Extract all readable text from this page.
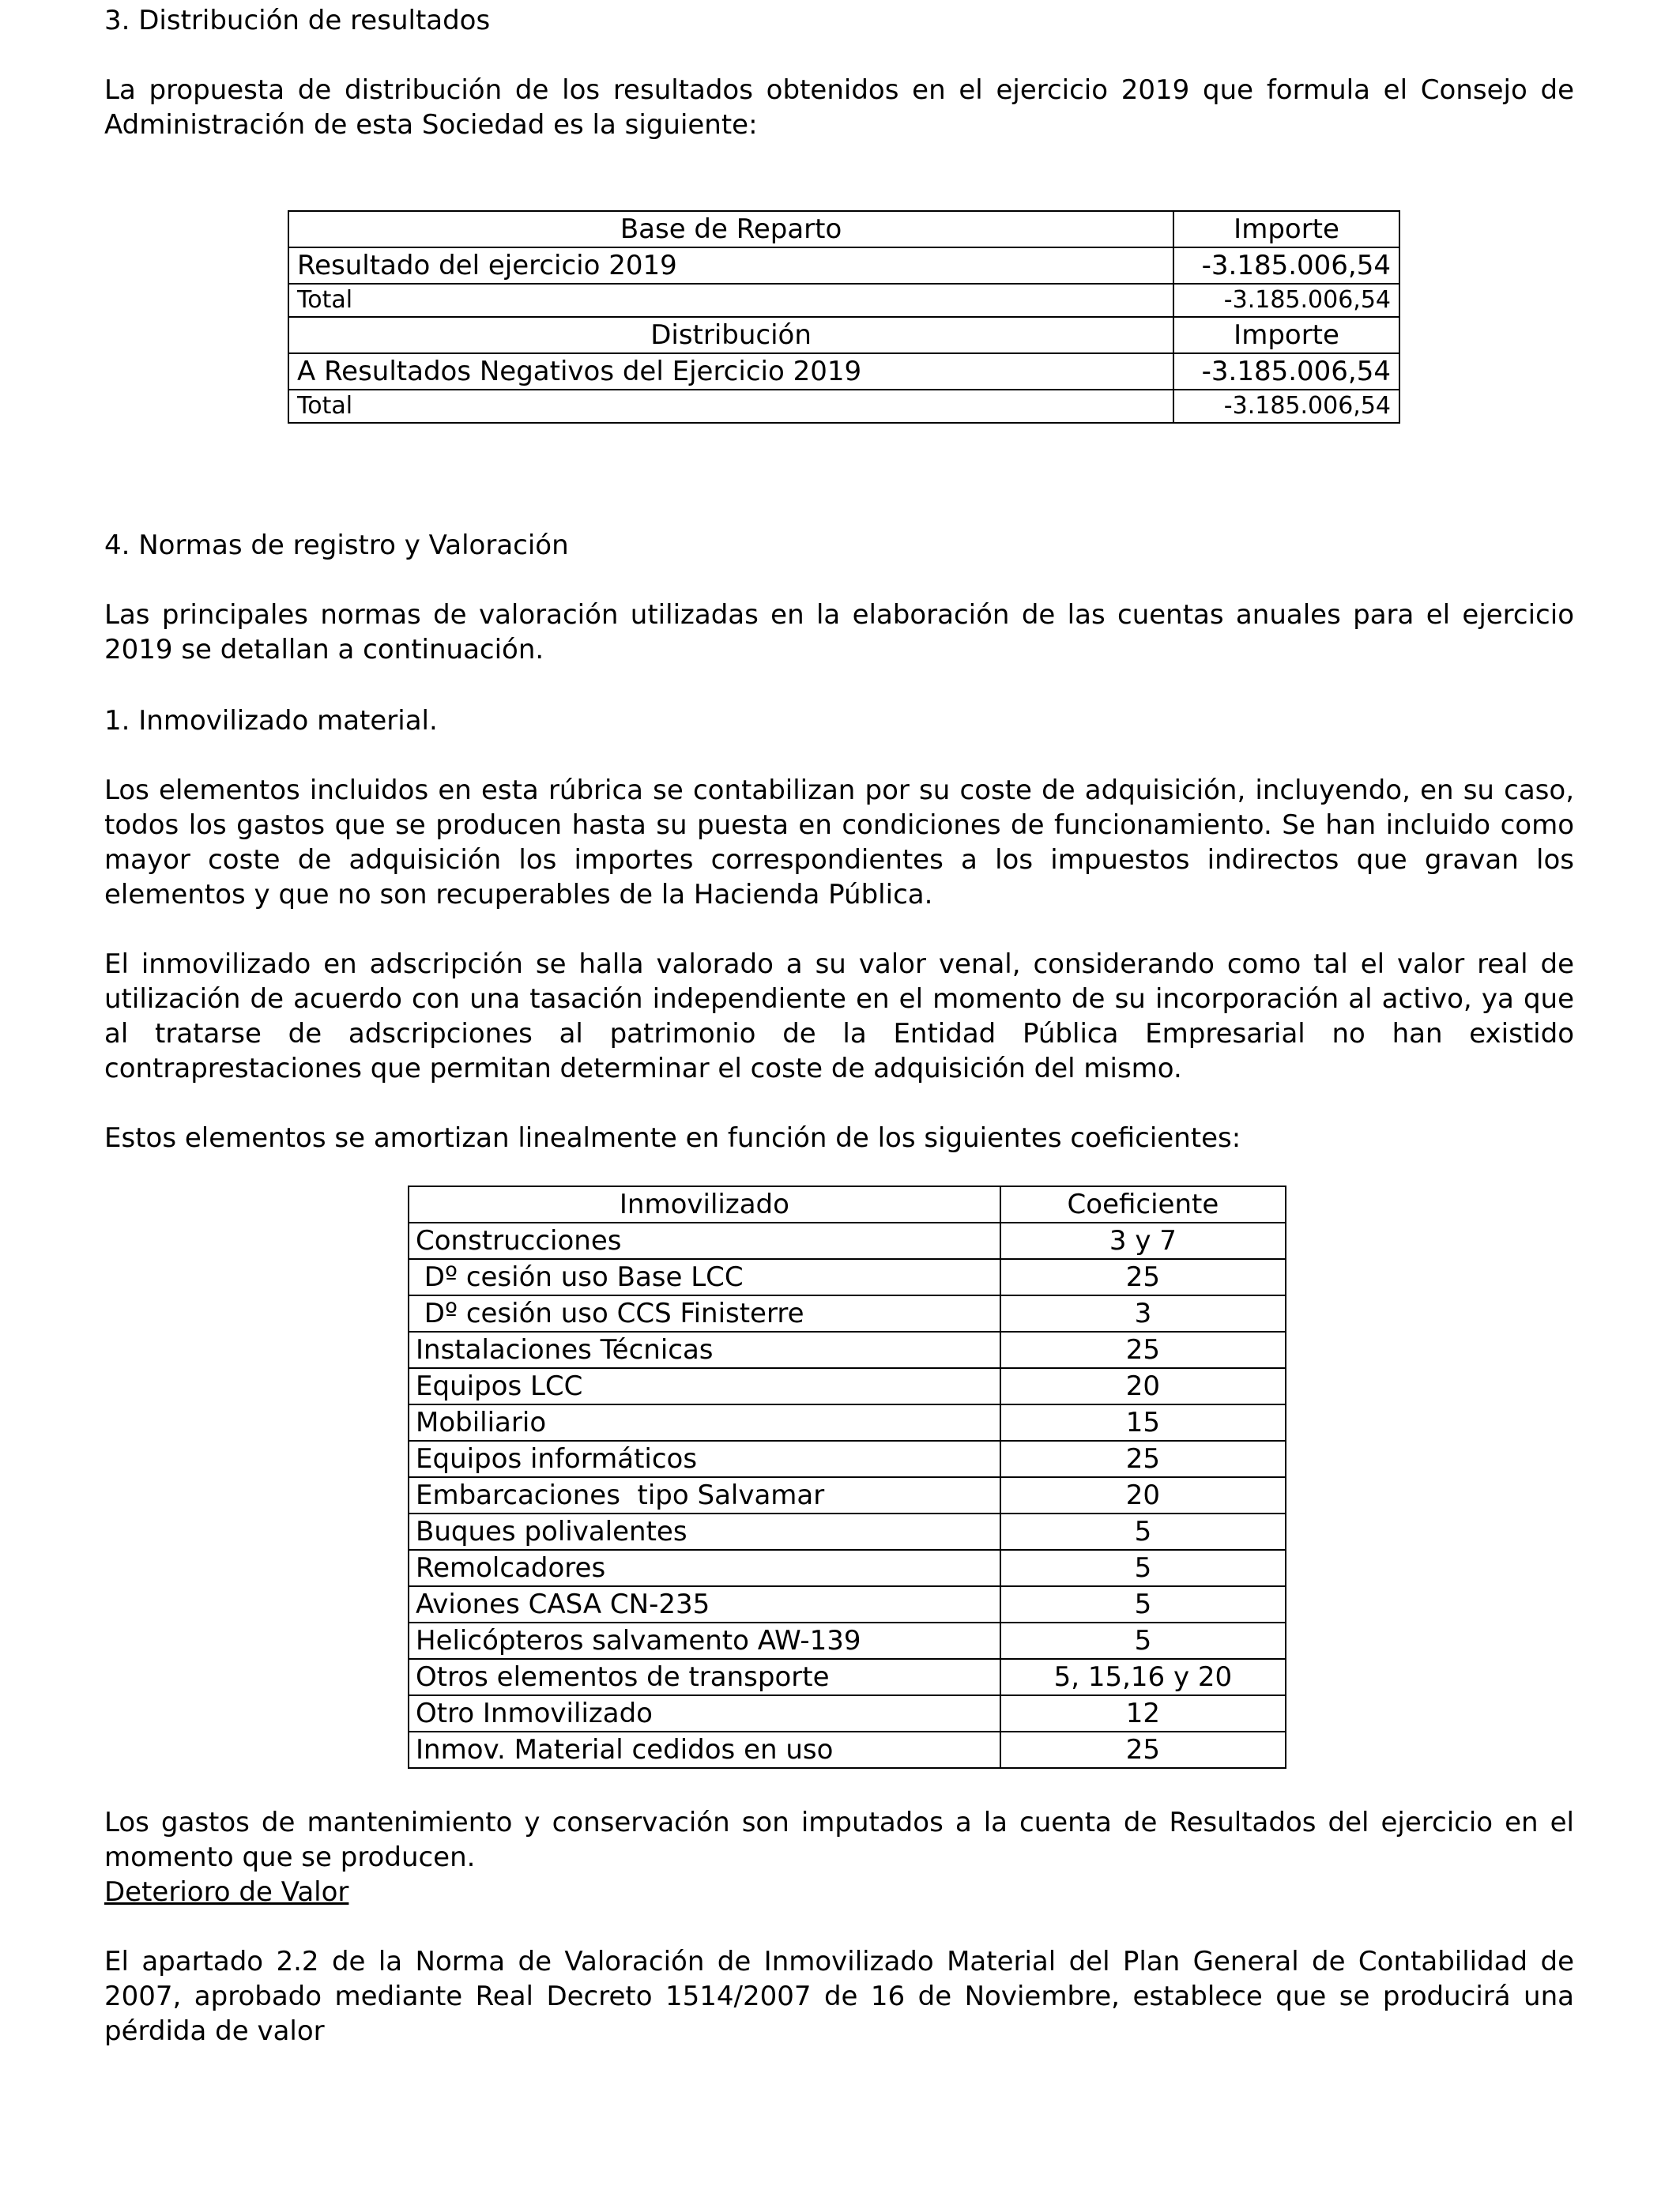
3. Distribución de resultados

La propuesta de distribución de los resultados obtenidos en el ejercicio 2019 que formula el Consejo de Administración de esta Sociedad es la siguiente:

Base de Reparto	Importe
Resultado del ejercicio 2019	-3.185.006,54
Total	-3.185.006,54
Distribución	Importe
A Resultados Negativos del Ejercicio 2019	-3.185.006,54
Total	-3.185.006,54
4. Normas de registro y Valoración

Las principales normas de valoración utilizadas en la elaboración de las cuentas anuales para el ejercicio 2019 se detallan a continuación.

1. Inmovilizado material.

Los elementos incluidos en esta rúbrica se contabilizan por su coste de adquisición, incluyendo, en su caso, todos los gastos que se producen hasta su puesta en condiciones de funcionamiento. Se han incluido como mayor coste de adquisición los importes correspondientes a los impuestos indirectos que gravan los elementos y que no son recuperables de la Hacienda Pública.

El inmovilizado en adscripción se halla valorado a su valor venal, considerando como tal el valor real de utilización de acuerdo con una tasación independiente en el momento de su incorporación al activo, ya que al tratarse de adscripciones al patrimonio de la Entidad Pública Empresarial no han existido contraprestaciones que permitan determinar el coste de adquisición del mismo.

Estos elementos se amortizan linealmente en función de los siguientes coeficientes:

Inmovilizado	Coeficiente
Construcciones	3 y 7
Dº cesión uso Base LCC	25
Dº cesión uso CCS Finisterre	3
Instalaciones Técnicas	25
Equipos LCC	20
Mobiliario	15
Equipos informáticos	25
Embarcaciones  tipo Salvamar	20
Buques polivalentes	5
Remolcadores	5
Aviones CASA CN-235	5
Helicópteros salvamento AW-139	5
Otros elementos de transporte	5, 15,16 y 20
Otro Inmovilizado	12
Inmov. Material cedidos en uso	25

Los gastos de mantenimiento y conservación son imputados a la cuenta de Resultados del ejercicio en el momento que se producen.

Deterioro de Valor

El apartado 2.2 de la Norma de Valoración de Inmovilizado Material del Plan General de Contabilidad de 2007, aprobado mediante Real Decreto 1514/2007 de 16 de Noviembre, establece que se producirá una pérdida de valor
